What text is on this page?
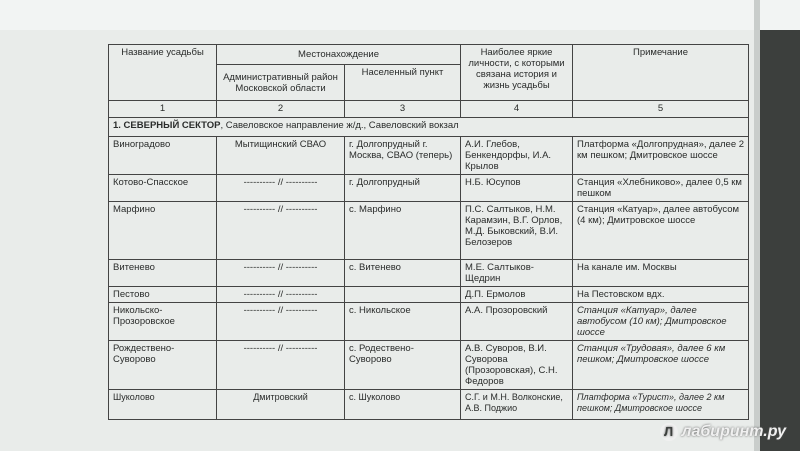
Название усадьбы	Местонахождение		Наиболее яркие личности, с которыми связана история и жизнь усадьбы	Примечание
	Административный район Московской области	Населенный пункт		
1	2	3	4	5
1. СЕВЕРНЫЙ СЕКТОР, Савеловское направление ж/д., Савеловский вокзал				
Виноградово	Мытищинский СВАО	г. Долгопрудный г. Москва, СВАО (теперь)	А.И. Глебов, Бенкендорфы, И.А. Крылов	Платформа «Долгопрудная», далее 2 км пешком; Дмитровское шоссе
Котово-Спасское	---------- // ----------	г. Долгопрудный	Н.Б. Юсупов	Станция «Хлебниково», далее 0,5 км пешком
Марфино	---------- // ----------	с. Марфино	П.С. Салтыков, Н.М. Карамзин, В.Г. Орлов, М.Д. Быковский, В.И. Белозеров	Станция «Катуар», далее автобусом (4 км); Дмитровское шоссе
Витенево	---------- // ----------	с. Витенево	М.Е. Салтыков-Щедрин	На канале им. Москвы
Пестово	---------- // ----------		Д.П. Ермолов	На Пестовском вдх.
Никольско-Прозоровское	---------- // ----------	с. Никольское	А.А. Прозоровский	Станция «Катуар», далее автобусом (10 км); Дмитровское шоссе
Рождествено-Суворово	---------- // ----------	с. Родествено-Суворово	А.В. Суворов, В.И. Суворова (Прозоровская), С.Н. Федоров	Станция «Трудовая», далее 6 км пешком; Дмитровское шоссе
Шуколово	Дмитровский	с. Шуколово	С.Г. и М.Н. Волконские, А.В. Поджио	Платформа «Турист», далее 2 км пешком; Дмитровское шоссе
Л лабиринт.ру
